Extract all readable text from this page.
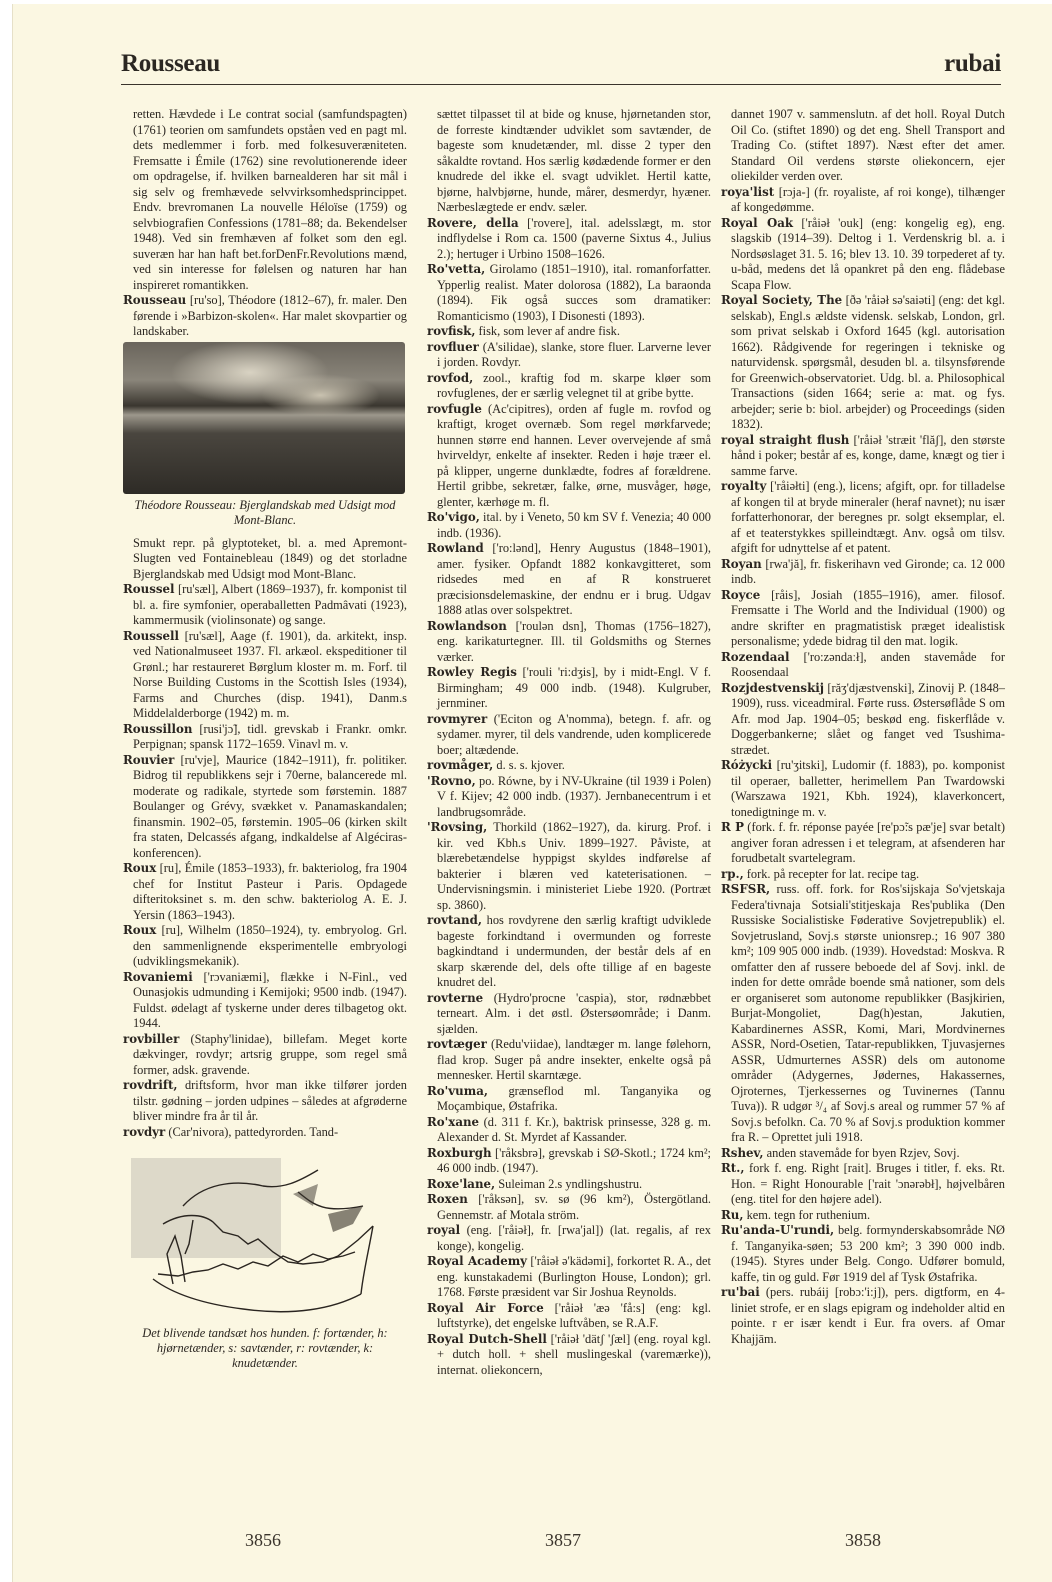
Rousseau	rubai

retten. Hævdede i Le contrat social (samfundspagten) (1761) teorien om samfundets opståen ved en pagt ml. dets medlemmer i forb. med folkesuveræniteten. Fremsatte i Émile (1762) sine revolutionerende ideer om opdragelse, if. hvilken barnealderen har sit mål i sig selv og fremhævede selvvirksomhedsprincippet. Endv. brevromanen La nouvelle Héloïse (1759) og selvbiografien Confessions (1781–88; da. Bekendelser 1948). Ved sin fremhæven af folket som den egl. suveræn har han haft bet.forDenFr.Revolutions mænd, ved sin interesse for følelsen og naturen har han inspireret romantikken.

Rousseau [ru'so], Théodore (1812–67), fr. maler. Den førende i »Barbizon-skolen«. Har malet skovpartier og landskaber.

Théodore Rousseau: Bjerglandskab med Udsigt mod Mont-Blanc.

Smukt repr. på glyptoteket, bl. a. med Apremont-Slugten ved Fontainebleau (1849) og det storladne Bjerglandskab med Udsigt mod Mont-Blanc.

Roussel [ru'sæl], Albert (1869–1937), fr. komponist til bl. a. fire symfonier, operaballetten Padmâvati (1923), kammermusik (violinsonate) og sange.

Roussell [ru'sæl], Aage (f. 1901), da. arkitekt, insp. ved Nationalmuseet 1937. Fl. arkæol. ekspeditioner til Grønl.; har restaureret Børglum kloster m. m. Forf. til Norse Building Customs in the Scottish Isles (1934), Farms and Churches (disp. 1941), Danm.s Middelalderborge (1942) m. m.

Roussillon [rusi'jɔ̃], tidl. grevskab i Frankr. omkr. Perpignan; spansk 1172–1659. Vinavl m. v.

Rouvier [ru'vje], Maurice (1842–1911), fr. politiker. Bidrog til republikkens sejr i 70erne, balancerede ml. moderate og radikale, styrtede som førstemin. 1887 Boulanger og Grévy, svækket v. Panamaskandalen; finansmin. 1902–05, førstemin. 1905–06 (kirken skilt fra staten, Delcassés afgang, indkaldelse af Algéciras-konferencen).

Roux [ru], Émile (1853–1933), fr. bakteriolog, fra 1904 chef for Institut Pasteur i Paris. Opdagede difteritoksinet s. m. den schw. bakteriolog A. E. J. Yersin (1863–1943).

Roux [ru], Wilhelm (1850–1924), ty. embryolog. Grl. den sammenlignende eksperimentelle embryologi (udviklingsmekanik).

Rovaniemi ['rɔvaniæmi], flække i N-Finl., ved Ounasjokis udmunding i Kemijoki; 9500 indb. (1947). Fuldst. ødelagt af tyskerne under deres tilbagetog okt. 1944.

rovbiller (Staphy'linidae), billefam. Meget korte dækvinger, rovdyr; artsrig gruppe, som regel små former, adsk. gravende.

rovdrift, driftsform, hvor man ikke tilfører jorden tilstr. gødning – jorden udpines – således at afgrøderne bliver mindre fra år til år.

rovdyr (Car'nivora), pattedyrorden. Tand-

Det blivende tandsæt hos hunden. f: fortænder, h: hjørnetænder, s: savtænder, r: rovtænder, k: knudetænder.

sættet tilpasset til at bide og knuse, hjørnetanden stor, de forreste kindtænder udviklet som savtænder, de bageste som knudetænder, ml. disse 2 typer den såkaldte rovtand. Hos særlig kødædende former er den knudrede del ikke el. svagt udviklet. Hertil katte, bjørne, halvbjørne, hunde, mårer, desmerdyr, hyæner. Nærbeslægtede er endv. sæler.

Rovere, della ['rovere], ital. adelsslægt, m. stor indflydelse i Rom ca. 1500 (paverne Sixtus 4., Julius 2.); hertuger i Urbino 1508–1626.

Ro'vetta, Girolamo (1851–1910), ital. romanforfatter. Ypperlig realist. Mater dolorosa (1882), La baraonda (1894). Fik også succes som dramatiker: Romanticismo (1903), I Disonesti (1893).

rovfisk, fisk, som lever af andre fisk.

rovfluer (A'silidae), slanke, store fluer. Larverne lever i jorden. Rovdyr.

rovfod, zool., kraftig fod m. skarpe kløer som rovfuglenes, der er særlig velegnet til at gribe bytte.

rovfugle (Ac'cipitres), orden af fugle m. rovfod og kraftigt, kroget overnæb. Som regel mørkfarvede; hunnen større end hannen. Lever overvejende af små hvirveldyr, enkelte af insekter. Reden i høje træer el. på klipper, ungerne dunklædte, fodres af forældrene. Hertil gribbe, sekretær, falke, ørne, musvåger, høge, glenter, kærhøge m. fl.

Ro'vigo, ital. by i Veneto, 50 km SV f. Venezia; 40 000 indb. (1936).

Rowland ['ro:lənd], Henry Augustus (1848–1901), amer. fysiker. Opfandt 1882 konkavgitteret, som ridsedes med en af R konstrueret præcisionsdelemaskine, der endnu er i brug. Udgav 1888 atlas over solspektret.

Rowlandson ['roulən dsn], Thomas (1756–1827), eng. karikaturtegner. Ill. til Goldsmiths og Sternes værker.

Rowley Regis ['rouli 'ri:dʒis], by i midt-Engl. V f. Birmingham; 49 000 indb. (1948). Kulgruber, jernminer.

rovmyrer ('Eciton og A'nomma), betegn. f. afr. og sydamer. myrer, til dels vandrende, uden komplicerede boer; altædende.

rovmåger, d. s. s. kjover.

'Rovno, po. Równe, by i NV-Ukraine (til 1939 i Polen) V f. Kijev; 42 000 indb. (1937). Jernbanecentrum i et landbrugsområde.

'Rovsing, Thorkild (1862–1927), da. kirurg. Prof. i kir. ved Kbh.s Univ. 1899–1927. Påviste, at blærebetændelse hyppigst skyldes indførelse af bakterier i blæren ved kateterisationen. – Undervisningsmin. i ministeriet Liebe 1920. (Portræt sp. 3860).

rovtand, hos rovdyrene den særlig kraftigt udviklede bageste forkindtand i overmunden og forreste bagkindtand i undermunden, der består dels af en skarp skærende del, dels ofte tillige af en bageste knudret del.

rovterne (Hydro'procne 'caspia), stor, rødnæbbet terneart. Alm. i det østl. Østersøområde; i Danm. sjælden.

rovtæger (Redu'viidae), landtæger m. lange følehorn, flad krop. Suger på andre insekter, enkelte også på mennesker. Hertil skarntæge.

Ro'vuma, grænseflod ml. Tanganyika og Moçambique, Østafrika.

Ro'xane (d. 311 f. Kr.), baktrisk prinsesse, 328 g. m. Alexander d. St. Myrdet af Kassander.

Roxburgh ['råksbrə], grevskab i SØ-Skotl.; 1724 km²; 46 000 indb. (1947).

Roxe'lane, Suleiman 2.s yndlingshustru.

Roxen ['råksən], sv. sø (96 km²), Östergötland. Gennemstr. af Motala ström.

royal (eng. ['råiəł], fr. [rwa'jal]) (lat. regalis, af rex konge), kongelig.

Royal Academy ['råiəł ə'kädəmi], forkortet R. A., det eng. kunstakademi (Burlington House, London); grl. 1768. Første præsident var Sir Joshua Reynolds.

Royal Air Force ['råiəł 'æə 'få:s] (eng: kgl. luftstyrke), det engelske luftvåben, se R.A.F.

Royal Dutch-Shell ['råiəł 'dätʃ 'ʃæl] (eng. royal kgl. + dutch holl. + shell muslingeskal (varemærke)), internat. oliekoncern,

dannet 1907 v. sammenslutn. af det holl. Royal Dutch Oil Co. (stiftet 1890) og det eng. Shell Transport and Trading Co. (stiftet 1897). Næst efter det amer. Standard Oil verdens største oliekoncern, ejer oliekilder verden over.

roya'list [rɔja-] (fr. royaliste, af roi konge), tilhænger af kongedømme.

Royal Oak ['råiəł 'ouk] (eng: kongelig eg), eng. slagskib (1914–39). Deltog i 1. Verdenskrig bl. a. i Nordsøslaget 31. 5. 16; blev 13. 10. 39 torpederet af ty. u-båd, medens det lå opankret på den eng. flådebase Scapa Flow.

Royal Society, The [ðə 'råiəł sə'saiəti] (eng: det kgl. selskab), Engl.s ældste vidensk. selskab, London, grl. som privat selskab i Oxford 1645 (kgl. autorisation 1662). Rådgivende for regeringen i tekniske og naturvidensk. spørgsmål, desuden bl. a. tilsynsførende for Greenwich-observatoriet. Udg. bl. a. Philosophical Transactions (siden 1664; serie a: mat. og fys. arbejder; serie b: biol. arbejder) og Proceedings (siden 1832).

royal straight flush ['råiəł 'stræit 'flăʃ], den største hånd i poker; består af es, konge, dame, knægt og tier i samme farve.

royalty ['råiəłti] (eng.), licens; afgift, opr. for tilladelse af kongen til at bryde mineraler (heraf navnet); nu især forfatterhonorar, der beregnes pr. solgt eksemplar, el. af et teaterstykkes spilleindtægt. Anv. også om tilsv. afgift for udnyttelse af et patent.

Royan [rwa'jă], fr. fiskerihavn ved Gironde; ca. 12 000 indb.

Royce [råis], Josiah (1855–1916), amer. filosof. Fremsatte i The World and the Individual (1900) og andre skrifter en pragmatistisk præget idealistisk personalisme; ydede bidrag til den mat. logik.

Rozendaal ['ro:zəndaːł], anden stavemåde for Roosendaal

Rozjdestvenskij [răʒ'djæstvenski], Zinovij P. (1848–1909), russ. viceadmiral. Førte russ. Østersøflåde S om Afr. mod Jap. 1904–05; beskød eng. fiskerflåde v. Doggerbankerne; slået og fanget ved Tsushima-strædet.

Różycki [ru'ʒitski], Ludomir (f. 1883), po. komponist til operaer, balletter, herimellem Pan Twardowski (Warszawa 1921, Kbh. 1924), klaverkoncert, tonedigtninge m. v.

R P (fork. f. fr. réponse payée [re'pɔ̃:s pæ'je] svar betalt) angiver foran adressen i et telegram, at afsenderen har forudbetalt svartelegram.

rp., fork. på recepter for lat. recipe tag.

RSFSR, russ. off. fork. for Ros'sijskaja So'vjetskaja Federa'tivnaja Sotsiali'stitjeskaja Res'publika (Den Russiske Socialistiske Føderative Sovjetrepublik) el. Sovjetrusland, Sovj.s største unionsrep.; 16 907 380 km²; 109 905 000 indb. (1939). Hovedstad: Moskva. R omfatter den af russere beboede del af Sovj. inkl. de inden for dette område boende små nationer, som dels er organiseret som autonome republikker (Basjkirien, Burjat-Mongoliet, Dag(h)estan, Jakutien, Kabardinernes ASSR, Komi, Mari, Mordvinernes ASSR, Nord-Osetien, Tatar-republikken, Tjuvasjernes ASSR, Udmurternes ASSR) dels om autonome områder (Adygernes, Jødernes, Hakassernes, Ojroternes, Tjerkessernes og Tuvinernes (Tannu Tuva)). R udgør ³/₄ af Sovj.s areal og rummer 57 % af Sovj.s befolkn. Ca. 70 % af Sovj.s produktion kommer fra R. – Oprettet juli 1918.

Rshev, anden stavemåde for byen Rzjev, Sovj.

Rt., fork f. eng. Right [rait]. Bruges i titler, f. eks. Rt. Hon. = Right Honourable ['rait 'ɔnərəbł], højvelbåren (eng. titel for den højere adel).

Ru, kem. tegn for ruthenium.

Ru'anda-U'rundi, belg. formynderskabsområde NØ f. Tanganyika-søen; 53 200 km²; 3 390 000 indb. (1945). Styres under Belg. Congo. Udfører bomuld, kaffe, tin og guld. Før 1919 del af Tysk Østafrika.

ru'bai (pers. rubáij [robɔ:'i:j]), pers. digtform, en 4-liniet strofe, er en slags epigram og indeholder altid en pointe. r er især kendt i Eur. fra overs. af Omar Khajjām.

3856	3857	3858
